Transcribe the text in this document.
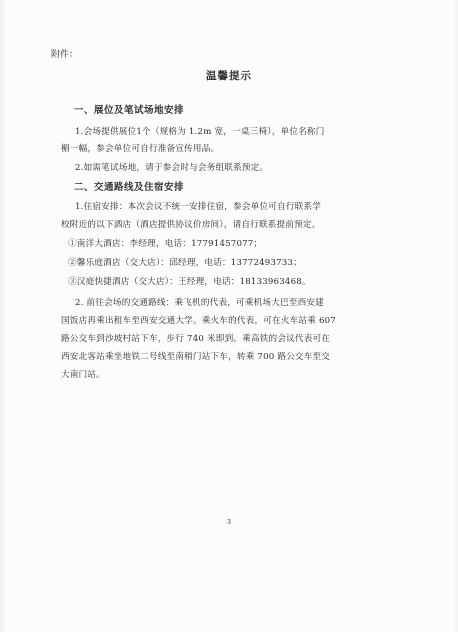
附件：
温馨提示
一、展位及笔试场地安排
1.会场提供展位1个（规格为 1.2m 宽，一桌三椅），单位名称门
楣一幅，参会单位可自行准备宣传用品。
2.如需笔试场地，请于参会时与会务组联系预定。
二、交通路线及住宿安排
1.住宿安排：本次会议不统一安排住宿，参会单位可自行联系学
校附近的以下酒店（酒店提供协议价房间），请自行联系提前预定。
①南洋大酒店：李经理，电话：17791457077；
②馨乐庭酒店（交大店）：邱经理，电话：13772493733；
③汉庭快捷酒店（交大店）：王经理，电话：18133963468。
2. 前往会场的交通路线：乘飞机的代表，可乘机场大巴至西安建
国饭店再乘出租车至西安交通大学。乘火车的代表，可在火车站乘 607
路公交车到沙坡村站下车，步行 740 米即到。乘高铁的会议代表可在
西安北客站乘坐地铁二号线至南稍门站下车，转乘 700 路公交车至交
大南门站。
3
